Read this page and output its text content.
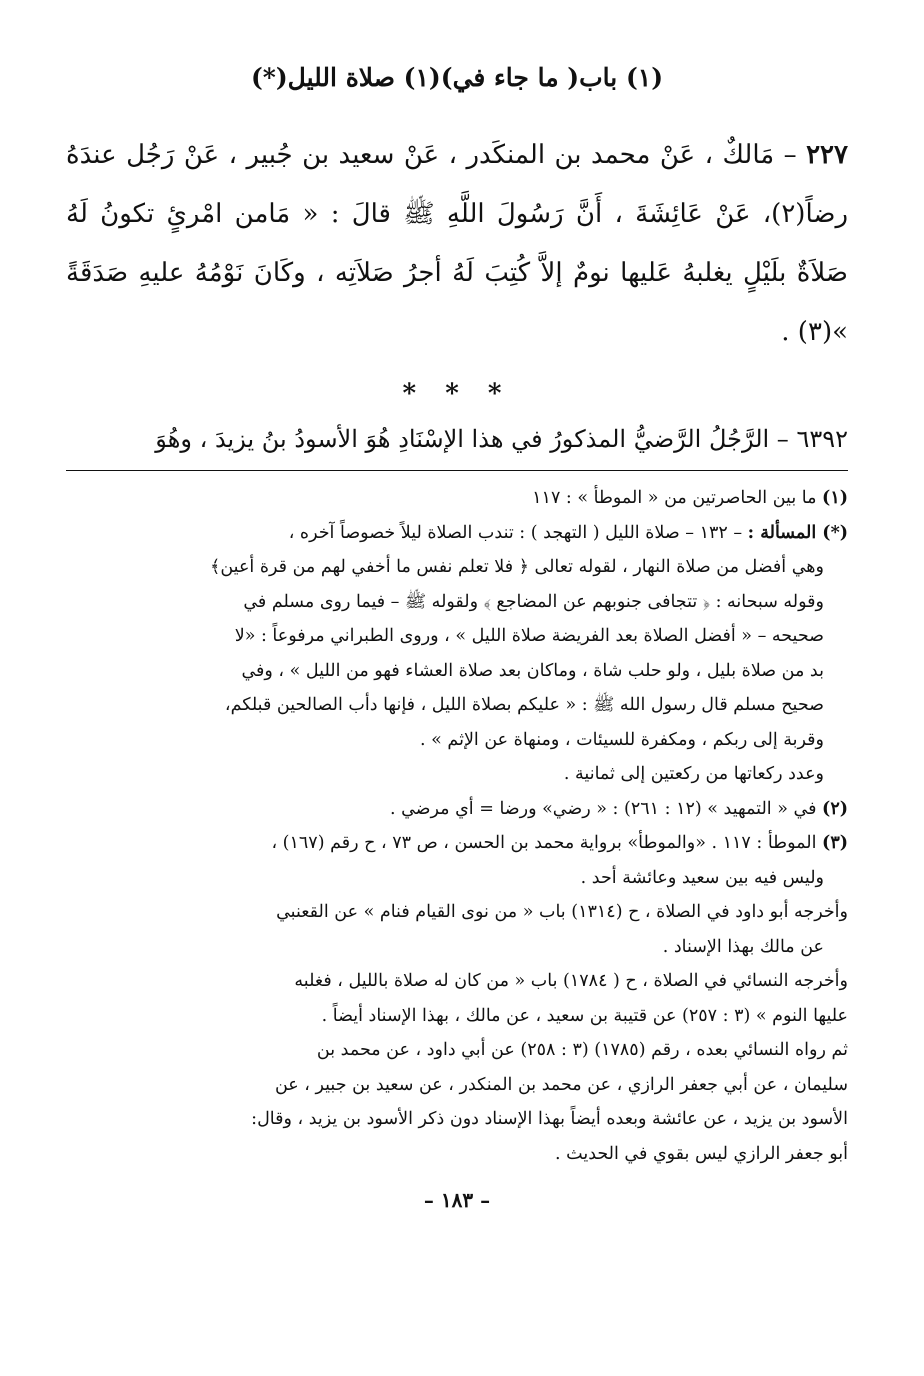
(١) باب( ما جاء في)(١) صلاة الليل(*)

٢٢٧ – مَالكٌ ، عَنْ محمد بن المنكَدر ، عَنْ سعيد بن جُبير ، عَنْ رَجُل عندَهُ رضاً(٢)، عَنْ عَائِشَةَ ، أَنَّ رَسُولَ اللَّهِ ﷺ قالَ : « مَامن امْرئٍ تكونُ لَهُ صَلاَةٌ بلَيْلٍ يغلبهُ عَليها نومٌ إلاَّ كُتِبَ لَهُ أجرُ صَلاَتِه ، وكَانَ نَوْمُهُ عليهِ صَدَقَةً »(٣) .

* * *

٦٣٩٢ – الرَّجُلُ الرَّضيُّ المذكورُ في هذا الإسْنَادِ هُوَ الأسودُ بنُ يزيدَ ، وهُوَ

(١) ما بين الحاصرتين من « الموطأ » : ١١٧

(*) المسألة : – ١٣٢ – صلاة الليل ( التهجد ) : تندب الصلاة ليلاً خصوصاً آخره ،
وهي أفضل من صلاة النهار ، لقوله تعالى ﴿ فلا تعلم نفس ما أخفي لهم من قرة أعين﴾
وقوله سبحانه : ﴿ تتجافى جنوبهم عن المضاجع ﴾ ولقوله ﷺ – فيما روى مسلم في
صحيحه – « أفضل الصلاة بعد الفريضة صلاة الليل » ، وروى الطبراني مرفوعاً : «لا
بد من صلاة بليل ، ولو حلب شاة ، وماكان بعد صلاة العشاء فهو من الليل » ، وفي
صحيح مسلم قال رسول الله ﷺ : « عليكم بصلاة الليل ، فإنها دأب الصالحين قبلكم،
وقربة إلى ربكم ، ومكفرة للسيئات ، ومنهاة عن الإثم » .
وعدد ركعاتها من ركعتين إلى ثمانية .

(٢) في « التمهيد » (١٢ : ٢٦١) : « رضي» ورضا = أي مرضي .

(٣) الموطأ : ١١٧ . «والموطأ» برواية محمد بن الحسن ، ص ٧٣ ، ح رقم (١٦٧) ،
وليس فيه بين سعيد وعائشة أحد .
وأخرجه أبو داود في الصلاة ، ح (١٣١٤) باب « من نوى القيام فنام » عن القعنبي
عن مالك بهذا الإسناد .
وأخرجه النسائي في الصلاة ، ح ( ١٧٨٤) باب « من كان له صلاة بالليل ، فغلبه
عليها النوم » (٣ : ٢٥٧) عن قتيبة بن سعيد ، عن مالك ، بهذا الإسناد أيضاً .
ثم رواه النسائي بعده ، رقم (١٧٨٥) (٣ : ٢٥٨) عن أبي داود ، عن محمد بن
سليمان ، عن أبي جعفر الرازي ، عن محمد بن المنكدر ، عن سعيد بن جبير ، عن
الأسود بن يزيد ، عن عائشة وبعده أيضاً بهذا الإسناد دون ذكر الأسود بن يزيد ، وقال:
أبو جعفر الرازي ليس بقوي في الحديث .

– ١٨٣ –
